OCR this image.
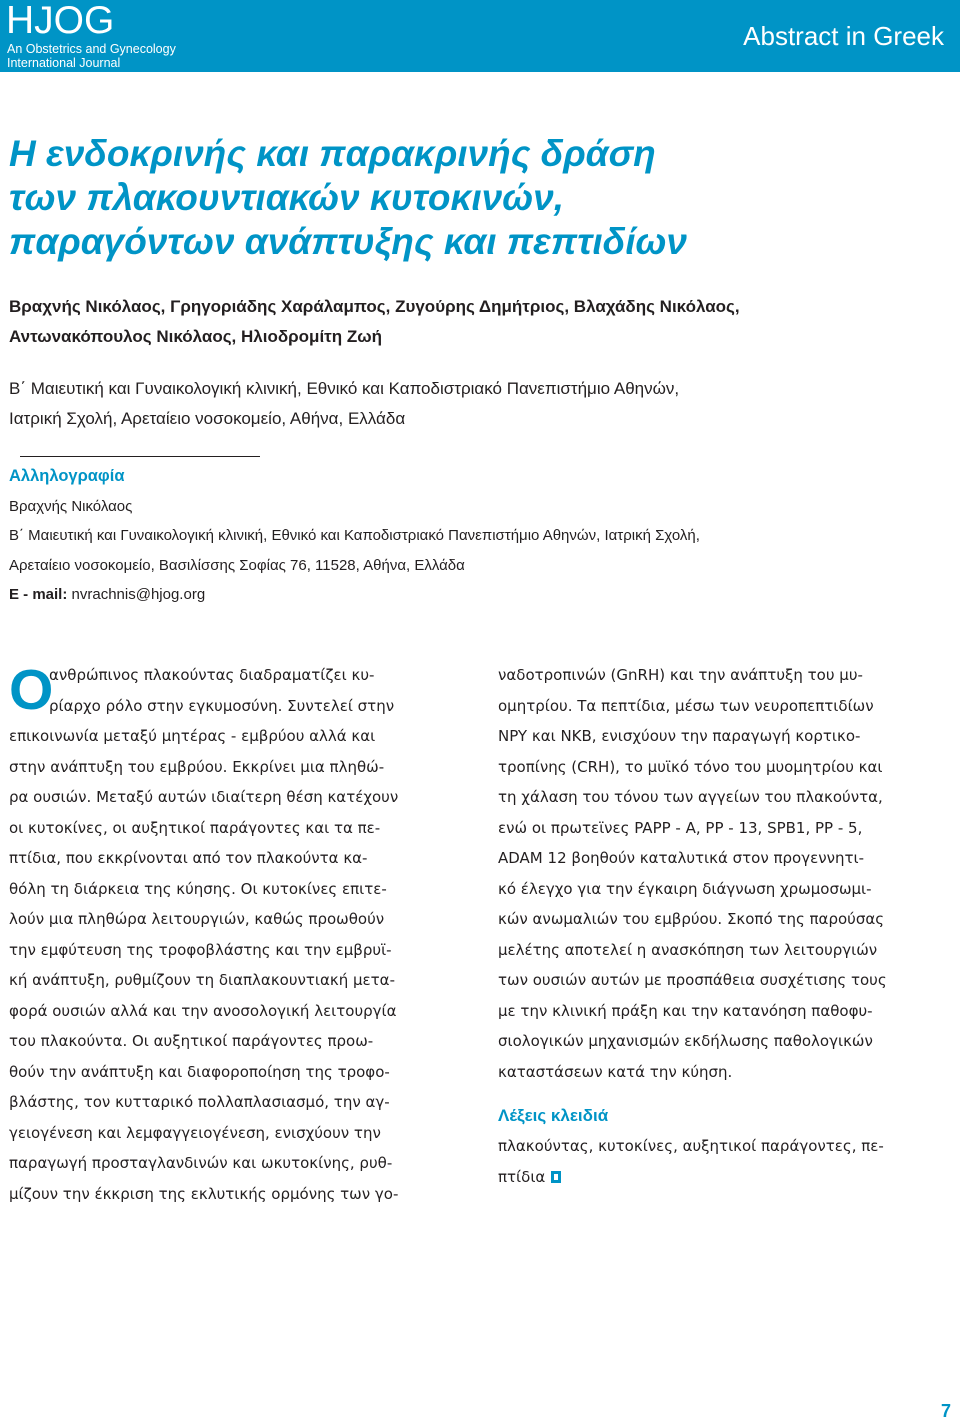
HJOG
An Obstetrics and Gynecology
International Journal
Abstract in Greek
Η ενδοκρινής και παρακρινής δράση
των πλακουντιακών κυτοκινών,
παραγόντων ανάπτυξης και πεπτιδίων
Βραχνής Νικόλαος, Γρηγοριάδης Χαράλαμπος, Ζυγούρης Δημήτριος, Βλαχάδης Νικόλαος,
Αντωνακόπουλος Νικόλαος, Ηλιοδρομίτη Ζωή
Β΄ Μαιευτική και Γυναικολογική κλινική, Εθνικό και Καποδιστριακό Πανεπιστήμιο Αθηνών,
Ιατρική Σχολή, Αρεταίειο νοσοκομείο, Αθήνα, Ελλάδα
Αλληλογραφία
Βραχνής Νικόλαος
Β΄ Μαιευτική και Γυναικολογική κλινική, Εθνικό και Καποδιστριακό Πανεπιστήμιο Αθηνών, Ιατρική Σχολή,
Αρεταίειο νοσοκομείο, Βασιλίσσης Σοφίας 76, 11528, Αθήνα, Ελλάδα
E - mail: nvrachnis@hjog.org
Ο
ανθρώπινος πλακούντας διαδραματίζει κυ-
ρίαρχο ρόλο στην εγκυμοσύνη. Συντελεί στην
επικοινωνία μεταξύ μητέρας - εμβρύου αλλά και
στην ανάπτυξη του εμβρύου. Εκκρίνει μια πληθώ-
ρα ουσιών. Μεταξύ αυτών ιδιαίτερη θέση κατέχουν
οι κυτοκίνες, οι αυξητικοί παράγοντες και τα πε-
πτίδια, που εκκρίνονται από τον πλακούντα κα-
θόλη τη διάρκεια της κύησης. Οι κυτοκίνες επιτε-
λούν μια πληθώρα λειτουργιών, καθώς προωθούν
την εμφύτευση της τροφοβλάστης και την εμβρυϊ-
κή ανάπτυξη, ρυθμίζουν τη διαπλακουντιακή μετα-
φορά ουσιών αλλά και την ανοσολογική λειτουργία
του πλακούντα. Οι αυξητικοί παράγοντες προω-
θούν την ανάπτυξη και διαφοροποίηση της τροφο-
βλάστης, τον κυτταρικό πολλαπλασιασμό, την αγ-
γειογένεση και λεμφαγγειογένεση, ενισχύουν την
παραγωγή προσταγλανδινών και ωκυτοκίνης, ρυθ-
μίζουν την έκκριση της εκλυτικής ορμόνης των γο-
ναδοτροπινών (GnRH) και την ανάπτυξη του μυ-
ομητρίου. Τα πεπτίδια, μέσω των νευροπεπτιδίων
NPY και NKB, ενισχύουν την παραγωγή κορτικο-
τροπίνης (CRH), το μυϊκό τόνο του μυομητρίου και
τη χάλαση του τόνου των αγγείων του πλακούντα,
ενώ οι πρωτεϊνες PAPP - A, PP - 13, SPB1, PP - 5,
ADAM 12 βοηθούν καταλυτικά στον προγεννητι-
κό έλεγχο για την έγκαιρη διάγνωση χρωμοσωμι-
κών ανωμαλιών του εμβρύου. Σκοπό της παρούσας
μελέτης αποτελεί η ανασκόπηση των λειτουργιών
των ουσιών αυτών με προσπάθεια συσχέτισης τους
με την κλινική πράξη και την κατανόηση παθοφυ-
σιολογικών μηχανισμών εκδήλωσης παθολογικών
καταστάσεων κατά την κύηση.
Λέξεις κλειδιά
πλακούντας, κυτοκίνες, αυξητικοί παράγοντες, πε-
πτίδια
7
